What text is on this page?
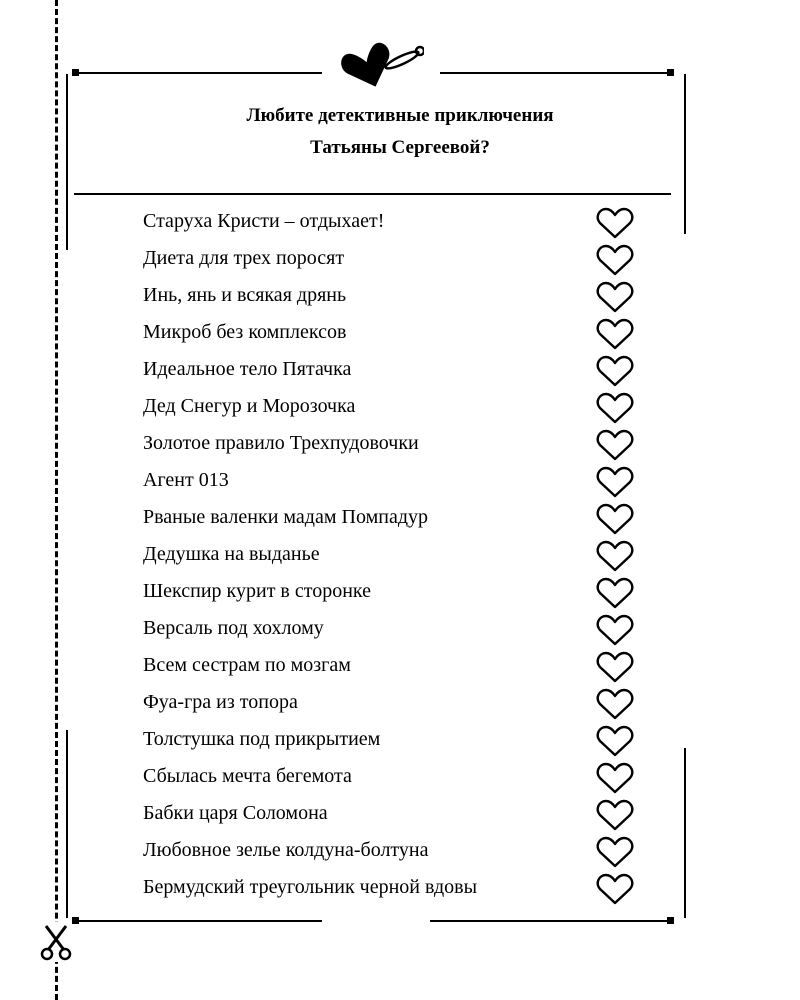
Любите детективные приключения
Татьяны Сергеевой?
Старуха Кристи – отдыхает!
Диета для трех поросят
Инь, янь и всякая дрянь
Микроб без комплексов
Идеальное тело Пятачка
Дед Снегур и Морозочка
Золотое правило Трехпудовочки
Агент 013
Рваные валенки мадам Помпадур
Дедушка на выданье
Шекспир курит в сторонке
Версаль под хохлому
Всем сестрам по мозгам
Фуа-гра из топора
Толстушка под прикрытием
Сбылась мечта бегемота
Бабки царя Соломона
Любовное зелье колдуна-болтуна
Бермудский треугольник черной вдовы
